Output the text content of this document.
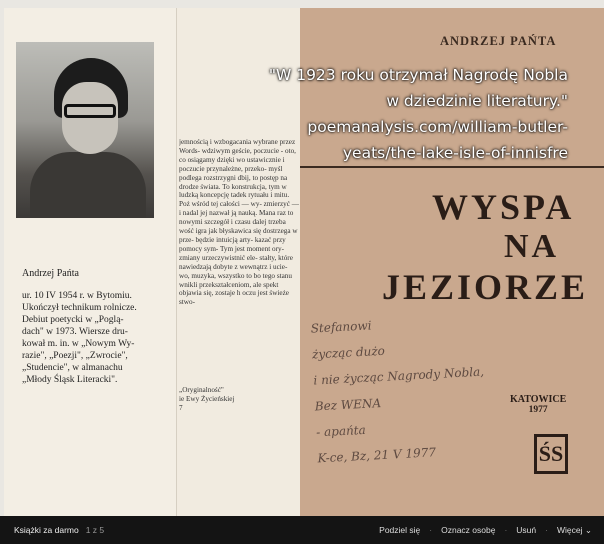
Andrzej Pańta
ur. 10 IV 1954 r. w Bytomiu.
Ukończył technikum rolnicze.
Debiut poetycki w „Poglą-
dach" w 1973. Wiersze dru-
kował m. in. w „Nowym Wy-
razie", „Poezji", „Zwrocie",
„Studencie", w almanachu
„Młody Śląsk Literacki".
jemnością i wzbogacania wybrane przez Words- wdziwym geście, poczucie - oto, co osiągamy dzięki wo ustawicznie i poczucie przynależne, przeko- myśl podlega rozstrzygni dbij, to postęp na drodze świata. To konstrukcja, tym w ludzką koncepcję tadek rytuału i mitu. Poż wśród tej całości — wy- zmierzyć — i nadal jej nazwał ją nauką. Mana raz to nowymi szczegół i czasu dalej trzeba wość igra jak błyskawica się dostrzega w prze- będzie intuicją arty- kazać przy pomocy sym- Tym jest moment ory- zmiany urzeczywistnić ele- stałty, które nawiedzają dobyte z wewnątrz i ucie- wo, muzyka, wszystko to bo tego stanu wnikli przekształceniom, ale spekt objawia się, zostaje h oczu jest świeże stwo-
„Oryginalność"
ie Ewy Życieńskiej
7
ANDRZEJ PAŃTA
WYSPA
NA
JEZIORZE
Stefanowi
życząc dużo
i nie życząc Nagrody Nobla,
Bez WENA
- apańta
K-ce, Bz, 21 V 1977
KATOWICE
1977
ŚS
"W 1923 roku otrzymał Nagrodę Nobla
w dziedzinie literatury."
poemanalysis.com/william-butler-
yeats/the-lake-isle-of-innisfre
Książki za darmo 1 z 5	Podziel się · Oznacz osobę · Usuń · Więcej ⌄
